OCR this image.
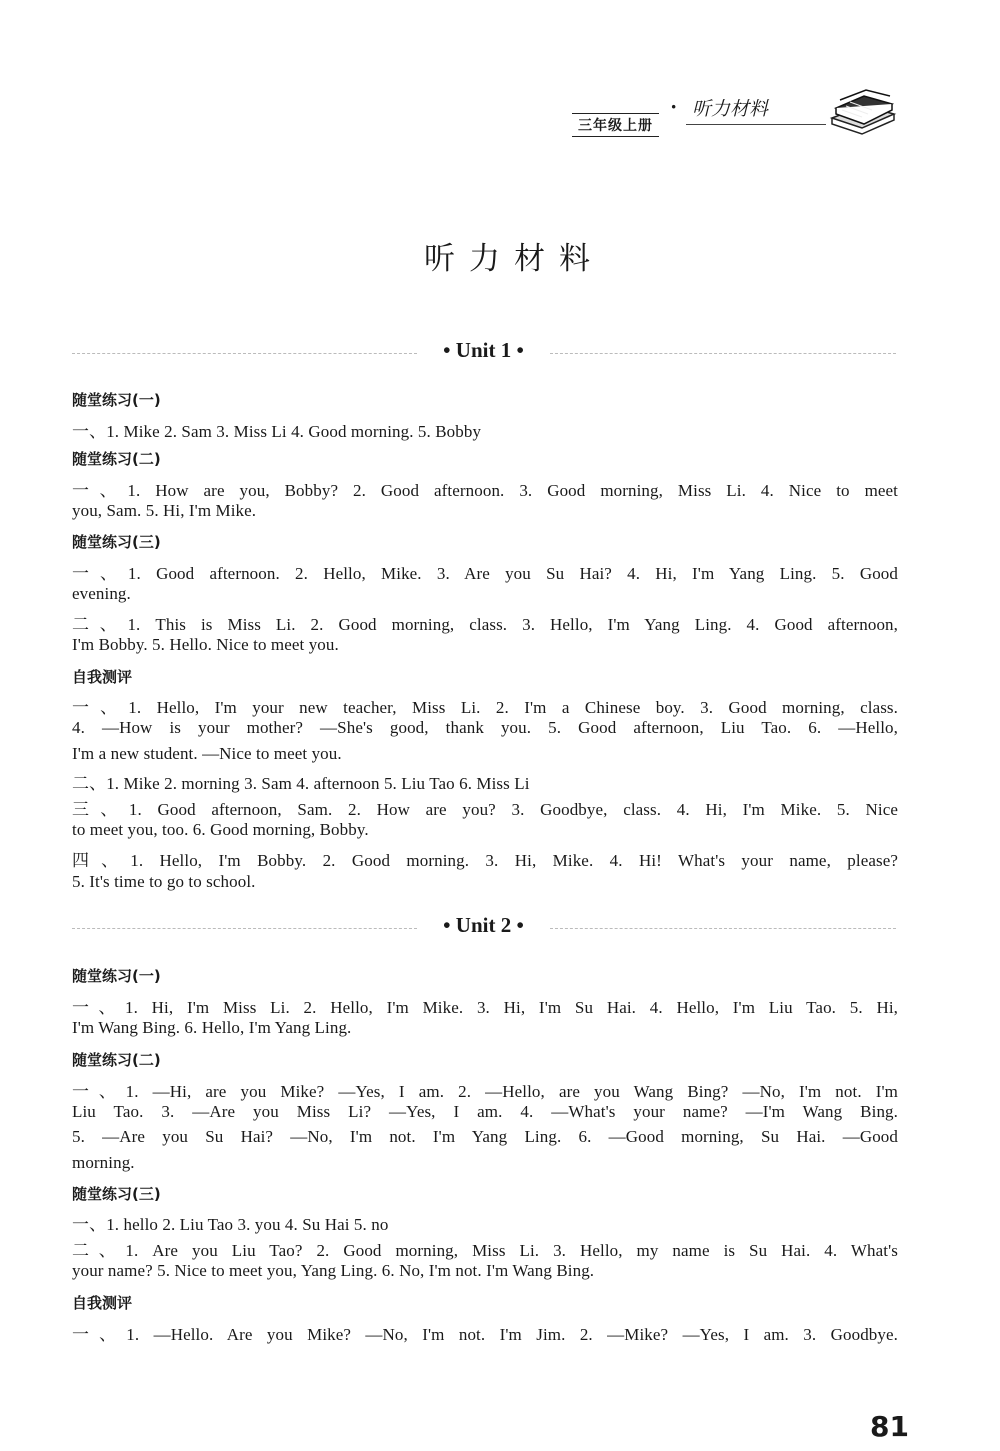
三年级上册
· 听力材料
听力材料
• Unit 1 •
随堂练习(一)
一、1. Mike 2. Sam 3. Miss Li 4. Good morning. 5. Bobby
随堂练习(二)
一、1. How are you, Bobby? 2. Good afternoon. 3. Good morning, Miss Li. 4. Nice to meet
you, Sam. 5. Hi, I'm Mike.
随堂练习(三)
一、1. Good afternoon. 2. Hello, Mike. 3. Are you Su Hai? 4. Hi, I'm Yang Ling. 5. Good
evening.
二、1. This is Miss Li. 2. Good morning, class. 3. Hello, I'm Yang Ling. 4. Good afternoon,
I'm Bobby. 5. Hello. Nice to meet you.
自我测评
一、1. Hello, I'm your new teacher, Miss Li. 2. I'm a Chinese boy. 3. Good morning, class.
4. —How is your mother? —She's good, thank you. 5. Good afternoon, Liu Tao. 6. —Hello,
I'm a new student. —Nice to meet you.
二、1. Mike 2. morning 3. Sam 4. afternoon 5. Liu Tao 6. Miss Li
三、1. Good afternoon, Sam. 2. How are you? 3. Goodbye, class. 4. Hi, I'm Mike. 5. Nice
to meet you, too. 6. Good morning, Bobby.
四、1. Hello, I'm Bobby. 2. Good morning. 3. Hi, Mike. 4. Hi! What's your name, please?
5. It's time to go to school.
• Unit 2 •
随堂练习(一)
一、1. Hi, I'm Miss Li. 2. Hello, I'm Mike. 3. Hi, I'm Su Hai. 4. Hello, I'm Liu Tao. 5. Hi,
I'm Wang Bing. 6. Hello, I'm Yang Ling.
随堂练习(二)
一、1. —Hi, are you Mike? —Yes, I am. 2. —Hello, are you Wang Bing? —No, I'm not. I'm
Liu Tao. 3. —Are you Miss Li? —Yes, I am. 4. —What's your name? —I'm Wang Bing.
5. —Are you Su Hai? —No, I'm not. I'm Yang Ling. 6. —Good morning, Su Hai. —Good
morning.
随堂练习(三)
一、1. hello 2. Liu Tao 3. you 4. Su Hai 5. no
二、1. Are you Liu Tao? 2. Good morning, Miss Li. 3. Hello, my name is Su Hai. 4. What's
your name? 5. Nice to meet you, Yang Ling. 6. No, I'm not. I'm Wang Bing.
自我测评
一、1. —Hello. Are you Mike? —No, I'm not. I'm Jim. 2. —Mike? —Yes, I am. 3. Goodbye.
81
